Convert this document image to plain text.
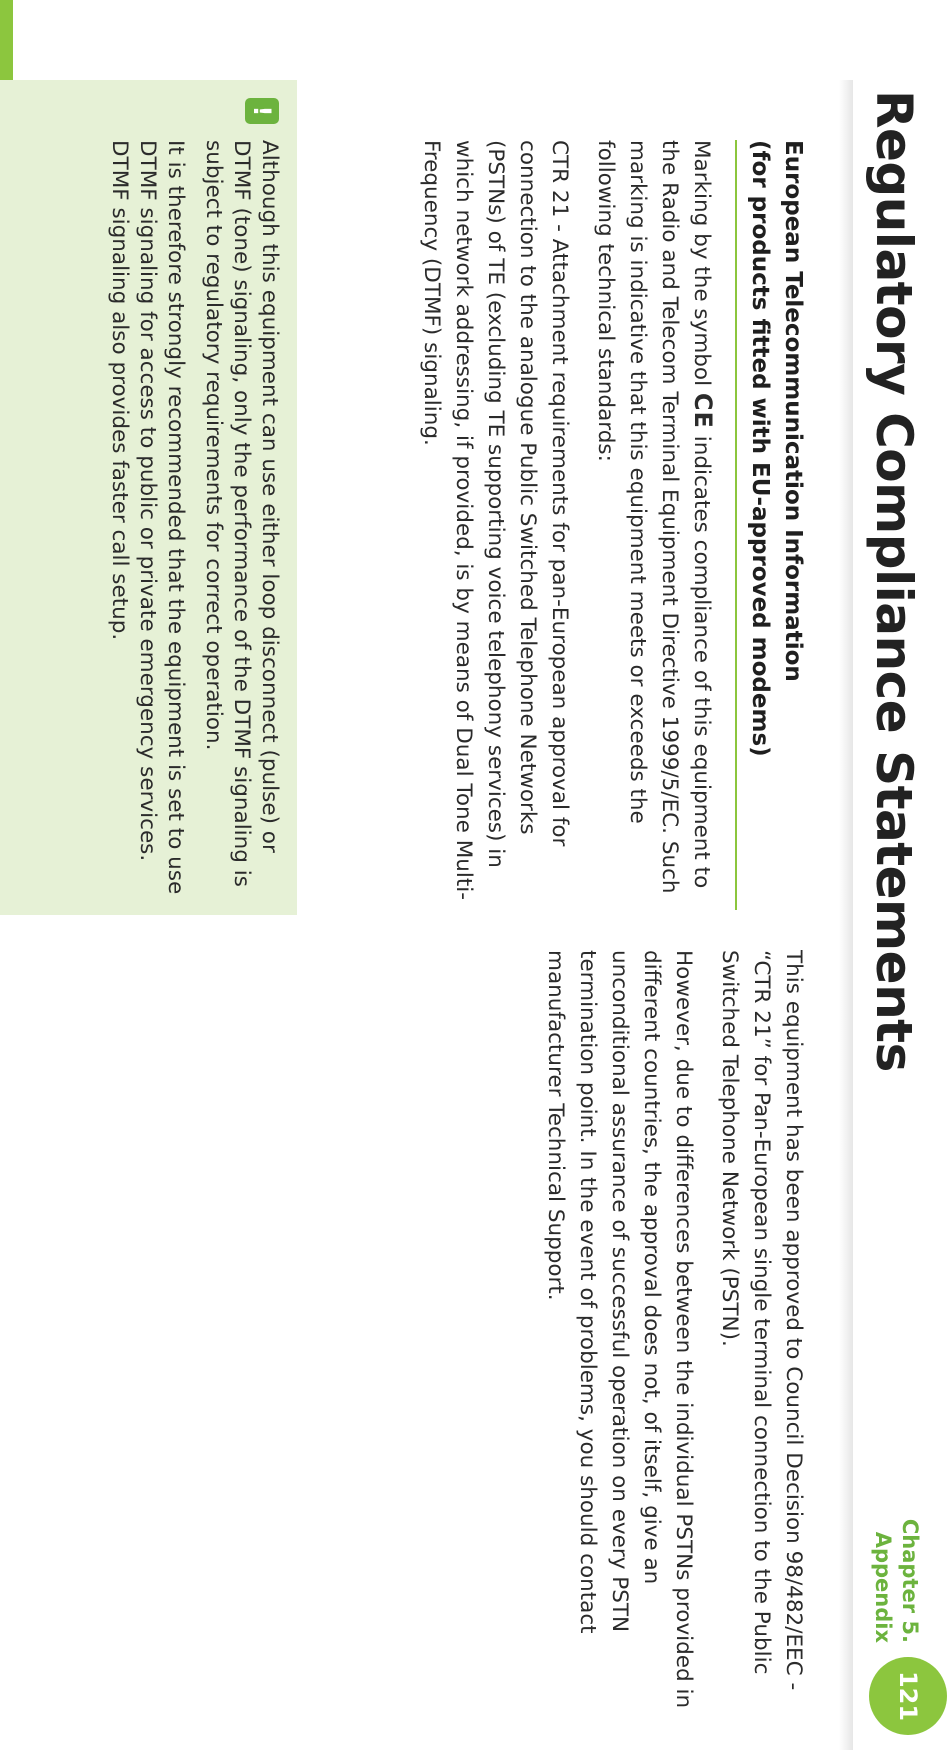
Regulatory Compliance Statements
Chapter 5.
Appendix
121
European Telecommunication Information
(for products fitted with EU-approved modems)

Marking by the symbol CE indicates compliance of this equipment to the Radio and Telecom Terminal Equipment Directive 1999/5/EC. Such marking is indicative that this equipment meets or exceeds the following technical standards:

CTR 21 - Attachment requirements for pan-European approval for connection to the analogue Public Switched Telephone Networks (PSTNs) of TE (excluding TE supporting voice telephony services) in which network addressing, if provided, is by means of Dual Tone Multi-Frequency (DTMF) signaling.

This equipment has been approved to Council Decision 98/482/EEC - “CTR 21” for Pan-European single terminal connection to the Public Switched Telephone Network (PSTN).

However, due to differences between the individual PSTNs provided in different countries, the approval does not, of itself, give an unconditional assurance of successful operation on every PSTN termination point. In the event of problems, you should contact manufacturer Technical Support.

!

Although this equipment can use either loop disconnect (pulse) or DTMF (tone) signaling, only the performance of the DTMF signaling is subject to regulatory requirements for correct operation.

It is therefore strongly recommended that the equipment is set to use DTMF signaling for access to public or private emergency services. DTMF signaling also provides faster call setup.
